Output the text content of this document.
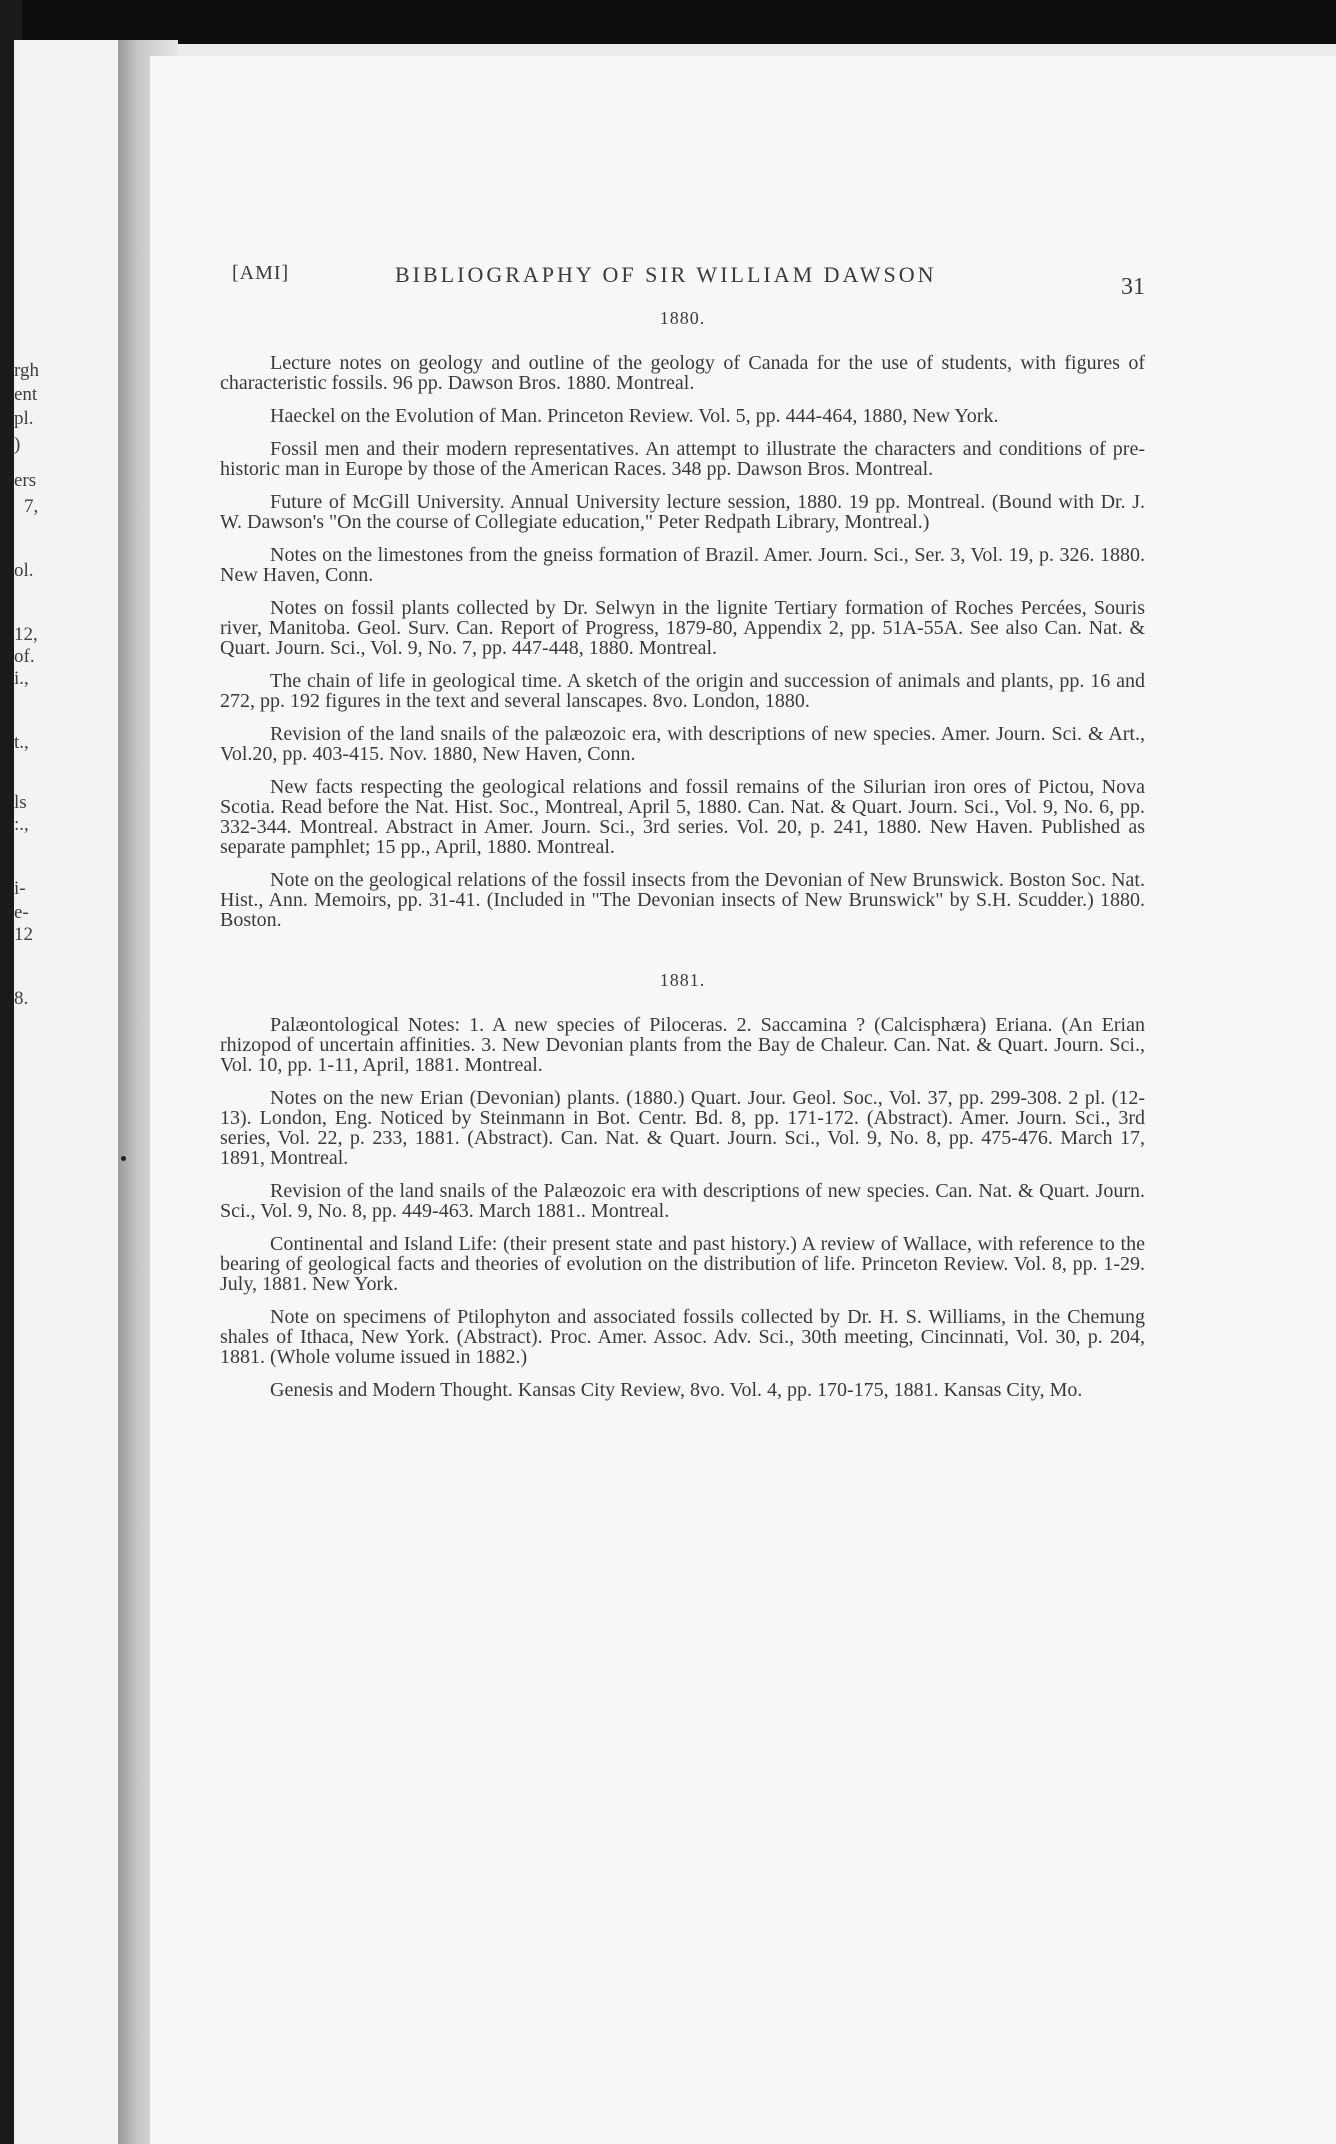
rgh
ent
pl.
)
ers
7,
ol.
12,
of.
i.,
t.,
ls
:.,
i-
e-
12
8.
[AMI]	BIBLIOGRAPHY OF SIR WILLIAM DAWSON	31

1880.

Lecture notes on geology and outline of the geology of Canada for the use of students, with figures of characteristic fossils. 96 pp. Dawson Bros. 1880. Montreal.

Haeckel on the Evolution of Man. Princeton Review. Vol. 5, pp. 444-464, 1880, New York.

Fossil men and their modern representatives. An attempt to illustrate the characters and conditions of pre-historic man in Europe by those of the American Races. 348 pp. Dawson Bros. Montreal.

Future of McGill University. Annual University lecture session, 1880. 19 pp. Montreal. (Bound with Dr. J. W. Dawson's "On the course of Collegiate education," Peter Redpath Library, Montreal.)

Notes on the limestones from the gneiss formation of Brazil. Amer. Journ. Sci., Ser. 3, Vol. 19, p. 326. 1880. New Haven, Conn.

Notes on fossil plants collected by Dr. Selwyn in the lignite Tertiary formation of Roches Percées, Souris river, Manitoba. Geol. Surv. Can. Report of Progress, 1879-80, Appendix 2, pp. 51A-55A. See also Can. Nat. & Quart. Journ. Sci., Vol. 9, No. 7, pp. 447-448, 1880. Montreal.

The chain of life in geological time. A sketch of the origin and succession of animals and plants, pp. 16 and 272, pp. 192 figures in the text and several lanscapes. 8vo. London, 1880.

Revision of the land snails of the palæozoic era, with descriptions of new species. Amer. Journ. Sci. & Art., Vol.20, pp. 403-415. Nov. 1880, New Haven, Conn.

New facts respecting the geological relations and fossil remains of the Silurian iron ores of Pictou, Nova Scotia. Read before the Nat. Hist. Soc., Montreal, April 5, 1880. Can. Nat. & Quart. Journ. Sci., Vol. 9, No. 6, pp. 332-344. Montreal. Abstract in Amer. Journ. Sci., 3rd series. Vol. 20, p. 241, 1880. New Haven. Published as separate pamphlet; 15 pp., April, 1880. Montreal.

Note on the geological relations of the fossil insects from the Devonian of New Brunswick. Boston Soc. Nat. Hist., Ann. Memoirs, pp. 31-41. (Included in "The Devonian insects of New Brunswick" by S.H. Scudder.) 1880. Boston.

1881.

Palæontological Notes: 1. A new species of Piloceras. 2. Saccamina ? (Calcisphæra) Eriana. (An Erian rhizopod of uncertain affinities. 3. New Devonian plants from the Bay de Chaleur. Can. Nat. & Quart. Journ. Sci., Vol. 10, pp. 1-11, April, 1881. Montreal.

Notes on the new Erian (Devonian) plants. (1880.) Quart. Jour. Geol. Soc., Vol. 37, pp. 299-308. 2 pl. (12-13). London, Eng. Noticed by Steinmann in Bot. Centr. Bd. 8, pp. 171-172. (Abstract). Amer. Journ. Sci., 3rd series, Vol. 22, p. 233, 1881. (Abstract). Can. Nat. & Quart. Journ. Sci., Vol. 9, No. 8, pp. 475-476. March 17, 1891, Montreal.

Revision of the land snails of the Palæozoic era with descriptions of new species. Can. Nat. & Quart. Journ. Sci., Vol. 9, No. 8, pp. 449-463. March 1881.. Montreal.

Continental and Island Life: (their present state and past history.) A review of Wallace, with reference to the bearing of geological facts and theories of evolution on the distribution of life. Princeton Review. Vol. 8, pp. 1-29. July, 1881. New York.

Note on specimens of Ptilophyton and associated fossils collected by Dr. H. S. Williams, in the Chemung shales of Ithaca, New York. (Abstract). Proc. Amer. Assoc. Adv. Sci., 30th meeting, Cincinnati, Vol. 30, p. 204, 1881. (Whole volume issued in 1882.)

Genesis and Modern Thought. Kansas City Review, 8vo. Vol. 4, pp. 170-175, 1881. Kansas City, Mo.
